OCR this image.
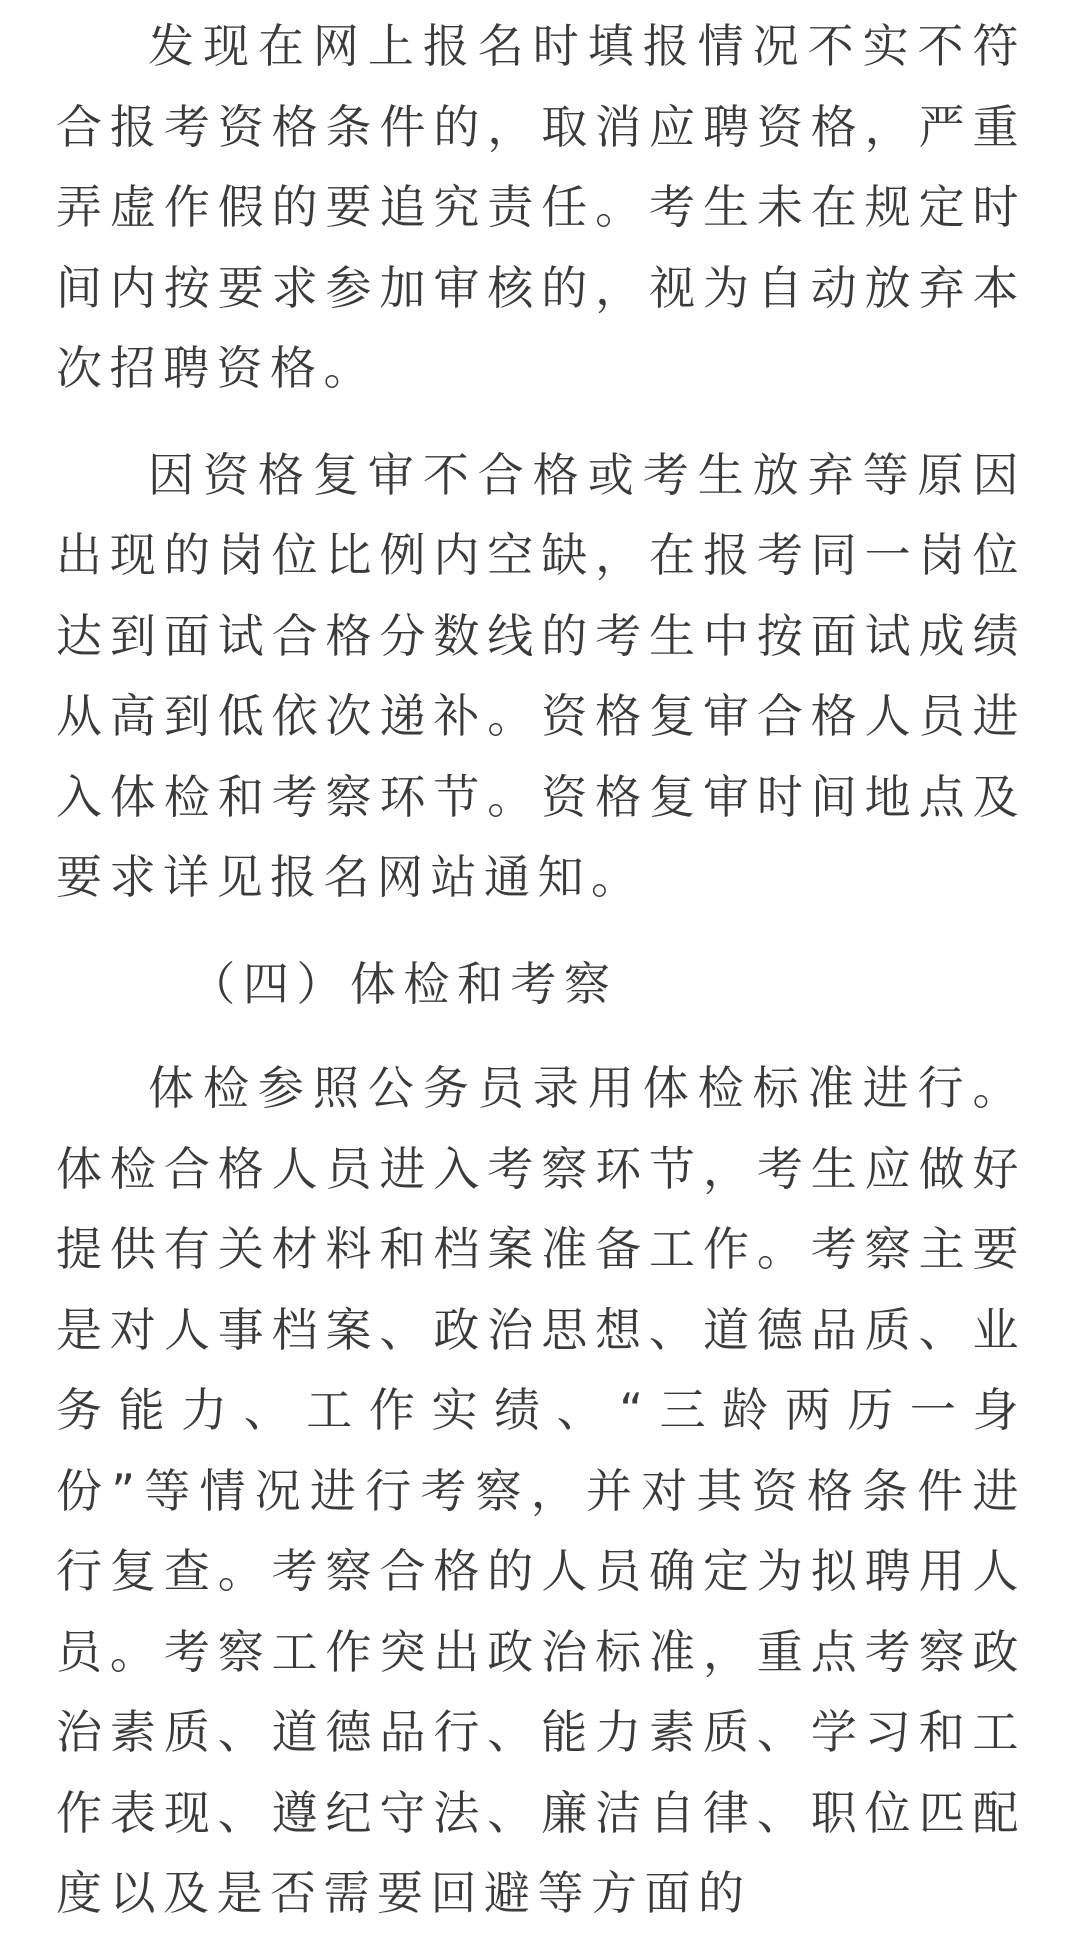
发现在网上报名时填报情况不实不符合报考资格条件的，取消应聘资格，严重弄虚作假的要追究责任。考生未在规定时间内按要求参加审核的，视为自动放弃本次招聘资格。

因资格复审不合格或考生放弃等原因出现的岗位比例内空缺，在报考同一岗位达到面试合格分数线的考生中按面试成绩从高到低依次递补。资格复审合格人员进入体检和考察环节。资格复审时间地点及要求详见报名网站通知。

（四）体检和考察

体检参照公务员录用体检标准进行。体检合格人员进入考察环节，考生应做好提供有关材料和档案准备工作。考察主要是对人事档案、政治思想、道德品质、业务能力、工作实绩、“三龄两历一身份”等情况进行考察，并对其资格条件进行复查。考察合格的人员确定为拟聘用人员。考察工作突出政治标准，重点考察政治素质、道德品行、能力素质、学习和工作表现、遵纪守法、廉洁自律、职位匹配度以及是否需要回避等方面的
